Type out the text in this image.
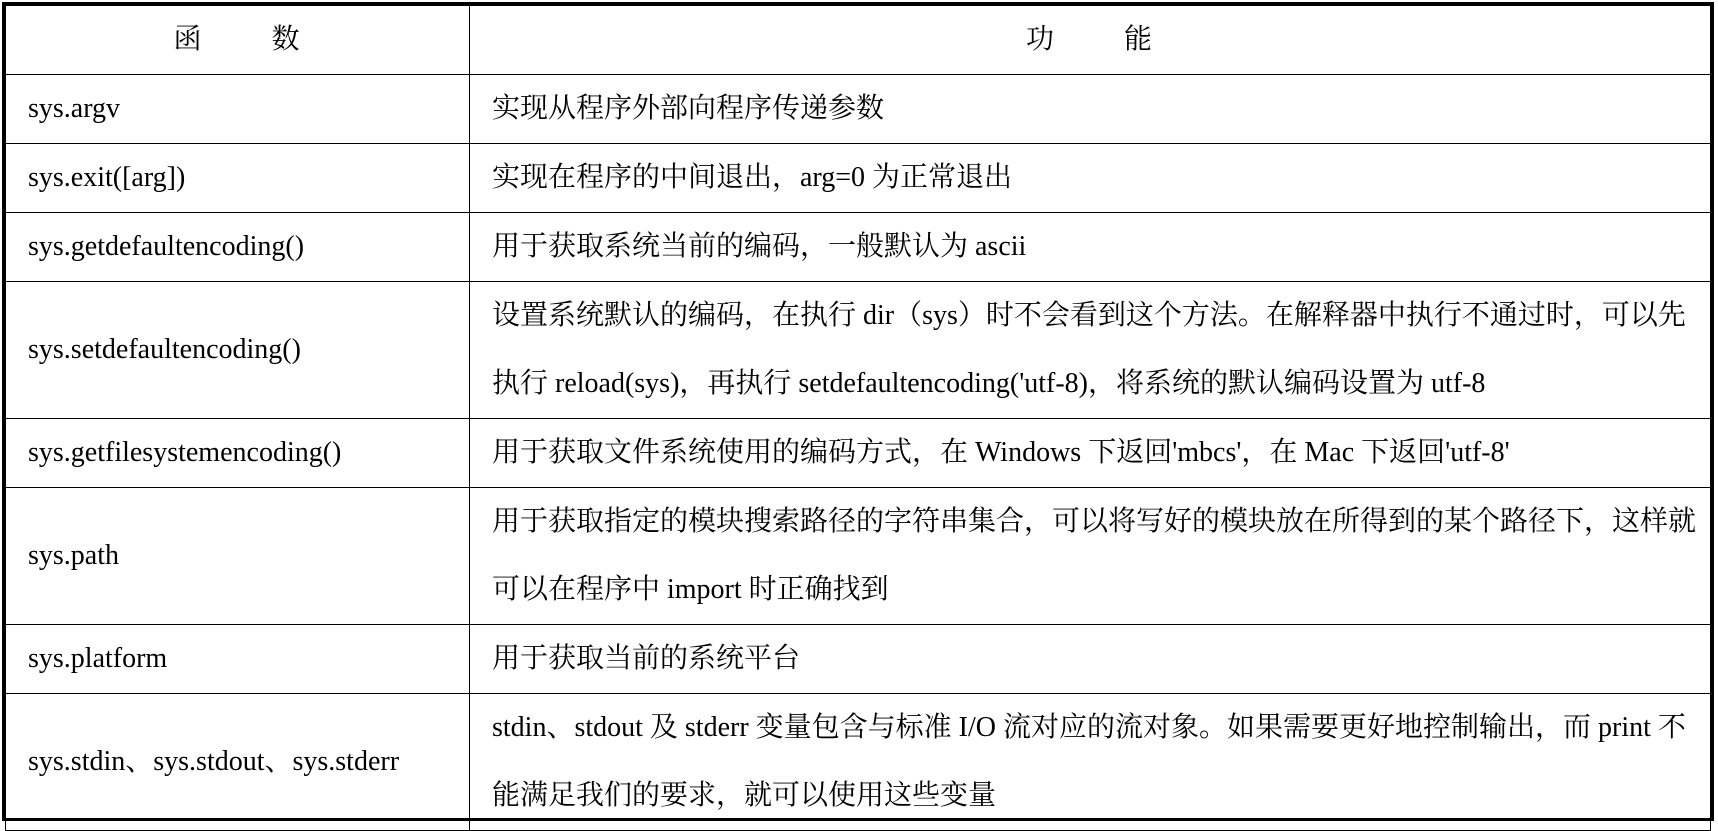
函 数	功 能
sys.argv	实现从程序外部向程序传递参数
sys.exit([arg])	实现在程序的中间退出，arg=0 为正常退出
sys.getdefaultencoding()	用于获取系统当前的编码，一般默认为 ascii
sys.setdefaultencoding()	设置系统默认的编码，在执行 dir（sys）时不会看到这个方法。在解释器中执行不通过时，可以先执行 reload(sys)，再执行 setdefaultencoding('utf-8)，将系统的默认编码设置为 utf-8
sys.getfilesystemencoding()	用于获取文件系统使用的编码方式，在 Windows 下返回'mbcs'，在 Mac 下返回'utf-8'
sys.path	用于获取指定的模块搜索路径的字符串集合，可以将写好的模块放在所得到的某个路径下，这样就可以在程序中 import 时正确找到
sys.platform	用于获取当前的系统平台
sys.stdin、sys.stdout、sys.stderr	stdin、stdout 及 stderr 变量包含与标准 I/O 流对应的流对象。如果需要更好地控制输出，而 print 不能满足我们的要求，就可以使用这些变量
